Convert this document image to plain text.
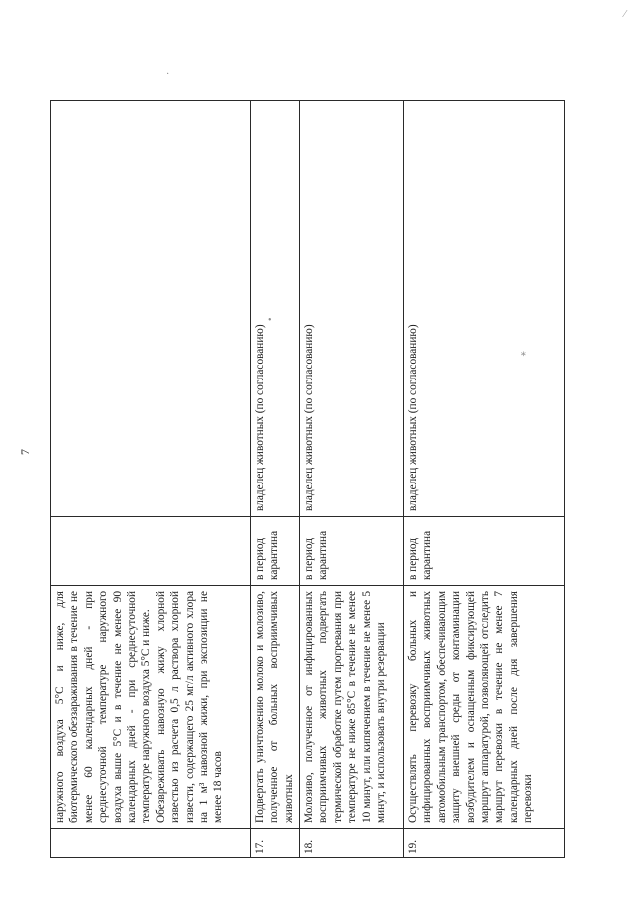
7

	наружного воздуха 5°С и ниже, для биотермического обеззараживания в течение не менее 60 календарных дней - при среднесуточной температуре наружного воздуха выше 5°С и в течение не менее 90 календарных дней - при среднесуточной температуре наружного воздуха 5°С и ниже. Обезвреживать навозную жижу хлорной известью из расчета 0,5 л раствора хлорной извести, содержащего 25 мг/л активного хлора на 1 м³ навозной жижи, при экспозиции не менее 18 часов		

17.	Подвергать уничтожению молоко и молозиво, полученное от больных восприимчивых животных	в период карантина	владелец животных (по согласованию)
18.	Молозиво, полученное от инфицированных восприимчивых животных подвергать термической обработке путем прогревания при температуре не ниже 85°С в течение не менее 10 минут, или кипячением в течение не менее 5 минут, и использовать внутри резервации	в период карантина	владелец животных (по согласованию)
19.	Осуществлять перевозку больных и инфицированных восприимчивых животных автомобильным транспортом, обеспечивающим защиту внешней среды от контаминации возбудителем и оснащенным фиксирующей маршрут аппаратурой, позволяющей отследить маршрут перевозки в течение не менее 7 календарных дней после дня завершения перевозки	в период карантина	владелец животных (по согласованию)
•
∗
·
⁄
